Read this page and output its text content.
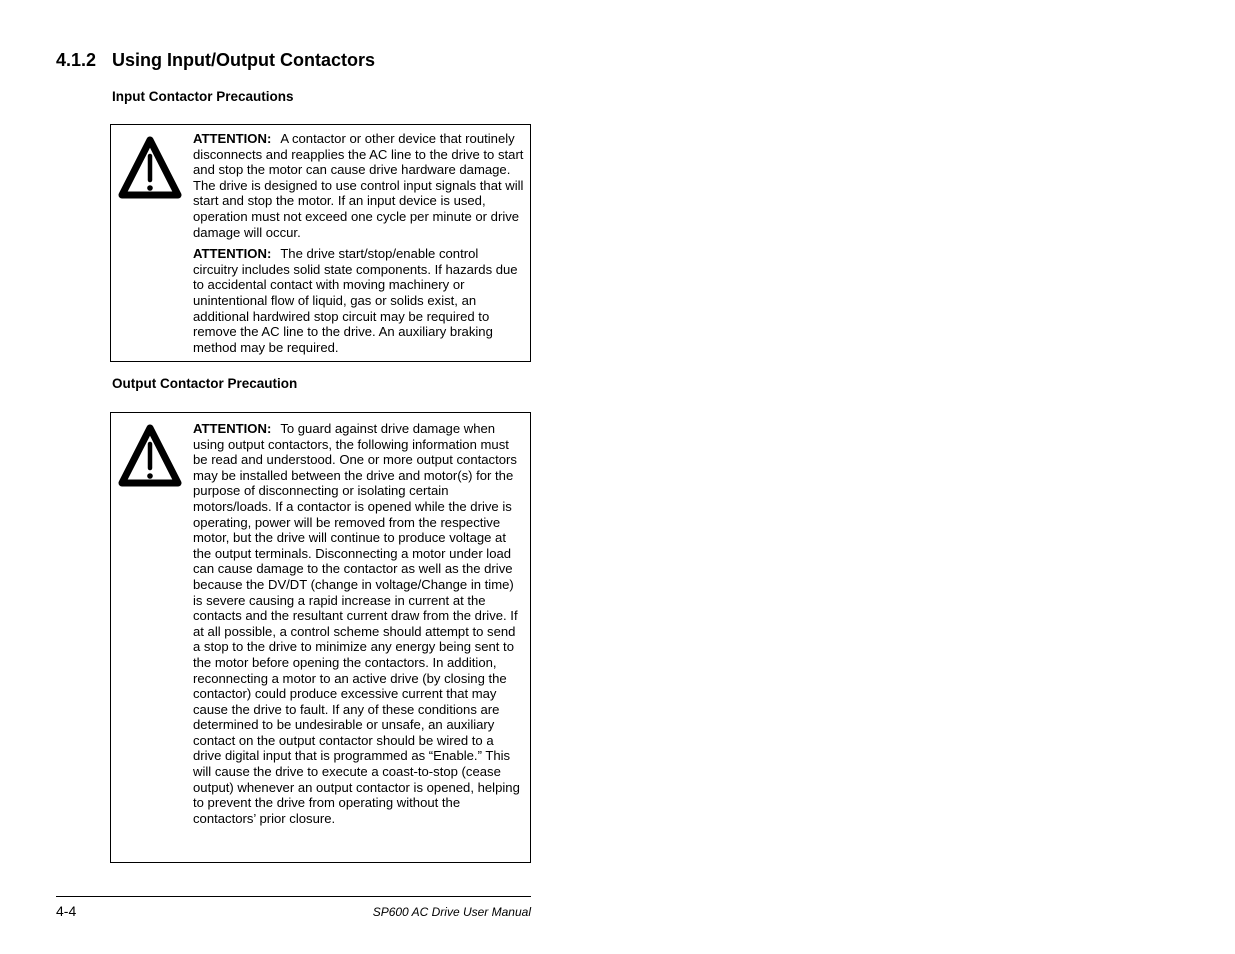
4.1.2 Using Input/Output Contactors
Input Contactor Precautions

ATTENTION: A contactor or other device that routinely disconnects and reapplies the AC line to the drive to start and stop the motor can cause drive hardware damage. The drive is designed to use control input signals that will start and stop the motor. If an input device is used, operation must not exceed one cycle per minute or drive damage will occur.

ATTENTION: The drive start/stop/enable control circuitry includes solid state components. If hazards due to accidental contact with moving machinery or unintentional flow of liquid, gas or solids exist, an additional hardwired stop circuit may be required to remove the AC line to the drive. An auxiliary braking method may be required.

Output Contactor Precaution

ATTENTION: To guard against drive damage when using output contactors, the following information must be read and understood. One or more output contactors may be installed between the drive and motor(s) for the purpose of disconnecting or isolating certain motors/loads. If a contactor is opened while the drive is operating, power will be removed from the respective motor, but the drive will continue to produce voltage at the output terminals. Disconnecting a motor under load can cause damage to the contactor as well as the drive because the DV/DT (change in voltage/Change in time) is severe causing a rapid increase in current at the contacts and the resultant current draw from the drive. If at all possible, a control scheme should attempt to send a stop to the drive to minimize any energy being sent to the motor before opening the contactors. In addition, reconnecting a motor to an active drive (by closing the contactor) could produce excessive current that may cause the drive to fault. If any of these conditions are determined to be undesirable or unsafe, an auxiliary contact on the output contactor should be wired to a drive digital input that is programmed as “Enable.” This will cause the drive to execute a coast-to-stop (cease output) whenever an output contactor is opened, helping to prevent the drive from operating without the contactors’ prior closure.

4-4	SP600 AC Drive User Manual
